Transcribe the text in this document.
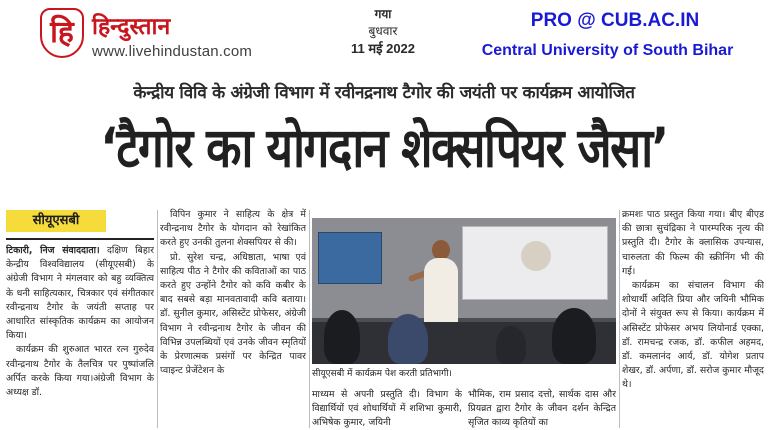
हि हिन्दुस्तान
www.livehindustan.com
गया
बुधवार
11 मई 2022
PRO @ CUB.AC.IN
Central University of South Bihar
केन्द्रीय विवि के अंग्रेजी विभाग में रवीनद्रनाथ टैगोर की जयंती पर कार्यक्रम आयोजित
‘टैगोर का योगदान शेक्सपियर जैसा’
सीयूएसबी

टिकारी, निज संवाददाता। दक्षिण बिहार केन्द्रीय विश्वविद्यालय (सीयूएसबी) के अंग्रेजी विभाग ने मंगलवार को बहु व्यक्तित्व के धनी साहित्यकार, चित्रकार एवं संगीतकार रवीन्द्रनाथ टैगोर के जयंती सप्ताह पर आधारित सांस्कृतिक कार्यक्रम का आयोजन किया।

कार्यक्रम की शुरुआत भारत रत्न गुरुदेव रवीन्द्रनाथ टैगोर के तैलचित्र पर पुष्पांजलि अर्पित करके किया गया।अंग्रेजी विभाग के अध्यक्ष डॉ.

विपिन कुमार ने साहित्य के क्षेत्र में रवीन्द्रनाथ टैगोर के योगदान को रेखांकित करते हुए उनकी तुलना शेक्सपियर से की।

प्रो. सुरेश चन्द्र, अधिष्ठाता, भाषा एवं साहित्य पीठ ने टैगोर की कविताओं का पाठ करते हुए उन्होंने टैगोर को कवि कबीर के बाद सबसे बड़ा मानवतावादी कवि बताया। डॉ. सुनील कुमार, असिस्टेंट प्रोफेसर, अंग्रेजी विभाग ने रवीन्द्रनाथ टैगोर के जीवन की विभिन्न उपलब्धियों एवं उनके जीवन स्मृतियों के प्रेरणात्मक प्रसंगों पर केन्द्रित पावर प्वाइन्ट प्रेजेंटेशन के	सीयूएसबी में कार्यक्रम पेश करती प्रतिभागी।

माध्यम से अपनी प्रस्तुति दी। विभाग के विद्यार्थियों एवं शोधार्थियों में शशिभा कुमारी, अभिषेक कुमार, जयिनी

भौमिक, राम प्रसाद दत्तो, सार्थक दास और प्रियव्रत द्वारा टैगोर के जीवन दर्शन केन्द्रित सृजित काव्य कृतियों का

क्रमशः पाठ प्रस्तुत किया गया। बीए बीएड की छात्रा सुचंद्रिका ने पारम्परिक नृत्य की प्रस्तुति दी। टैगोर के क्लासिक उपन्यास, चारुलता की फिल्म की स्क्रीनिंग भी की गई।

कार्यक्रम का संचालन विभाग की शोधार्थी अदिति प्रिया और जयिनी भौमिक दोनों ने संयुक्त रूप से किया। कार्यक्रम में असिस्टेंट प्रोफेसर अभय लियोनार्ड एक्का, डॉ. रामचन्द्र रजक, डॉ. कफील अहमद, डॉ. कमलानंद आर्य, डॉ. योगेश प्रताप शेखर, डॉ. अर्पणा, डॉ. सरोज कुमार मौजूद थे।
